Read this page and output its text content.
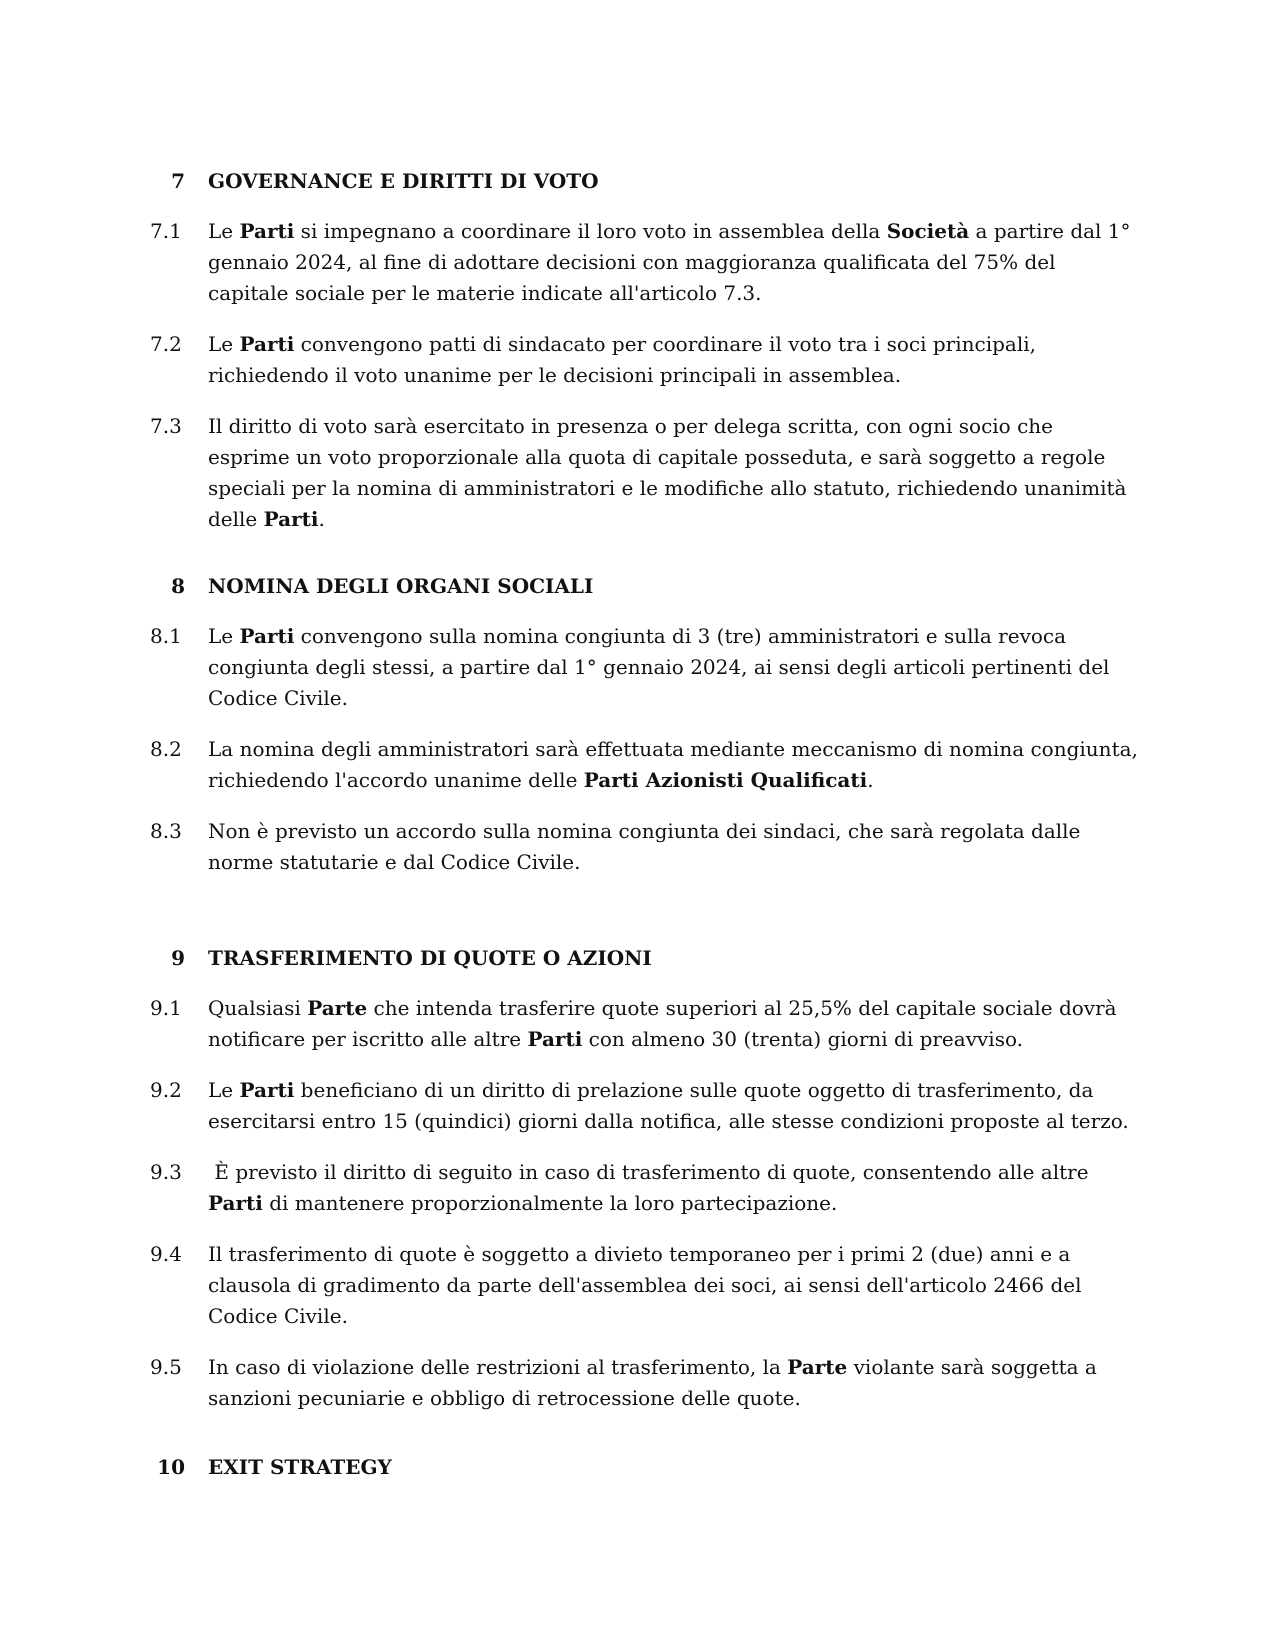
7 GOVERNANCE E DIRITTI DI VOTO
7.1 Le Parti si impegnano a coordinare il loro voto in assemblea della Società a partire dal 1° gennaio 2024, al fine di adottare decisioni con maggioranza qualificata del 75% del capitale sociale per le materie indicate all'articolo 7.3.
7.2 Le Parti convengono patti di sindacato per coordinare il voto tra i soci principali, richiedendo il voto unanime per le decisioni principali in assemblea.
7.3 Il diritto di voto sarà esercitato in presenza o per delega scritta, con ogni socio che esprime un voto proporzionale alla quota di capitale posseduta, e sarà soggetto a regole speciali per la nomina di amministratori e le modifiche allo statuto, richiedendo unanimità delle Parti.
8 NOMINA DEGLI ORGANI SOCIALI
8.1 Le Parti convengono sulla nomina congiunta di 3 (tre) amministratori e sulla revoca congiunta degli stessi, a partire dal 1° gennaio 2024, ai sensi degli articoli pertinenti del Codice Civile.
8.2 La nomina degli amministratori sarà effettuata mediante meccanismo di nomina congiunta, richiedendo l'accordo unanime delle Parti Azionisti Qualificati.
8.3 Non è previsto un accordo sulla nomina congiunta dei sindaci, che sarà regolata dalle norme statutarie e dal Codice Civile.
9 TRASFERIMENTO DI QUOTE O AZIONI
9.1 Qualsiasi Parte che intenda trasferire quote superiori al 25,5% del capitale sociale dovrà notificare per iscritto alle altre Parti con almeno 30 (trenta) giorni di preavviso.
9.2 Le Parti beneficiano di un diritto di prelazione sulle quote oggetto di trasferimento, da esercitarsi entro 15 (quindici) giorni dalla notifica, alle stesse condizioni proposte al terzo.
9.3 È previsto il diritto di seguito in caso di trasferimento di quote, consentendo alle altre Parti di mantenere proporzionalmente la loro partecipazione.
9.4 Il trasferimento di quote è soggetto a divieto temporaneo per i primi 2 (due) anni e a clausola di gradimento da parte dell'assemblea dei soci, ai sensi dell'articolo 2466 del Codice Civile.
9.5 In caso di violazione delle restrizioni al trasferimento, la Parte violante sarà soggetta a sanzioni pecuniarie e obbligo di retrocessione delle quote.
10 EXIT STRATEGY
